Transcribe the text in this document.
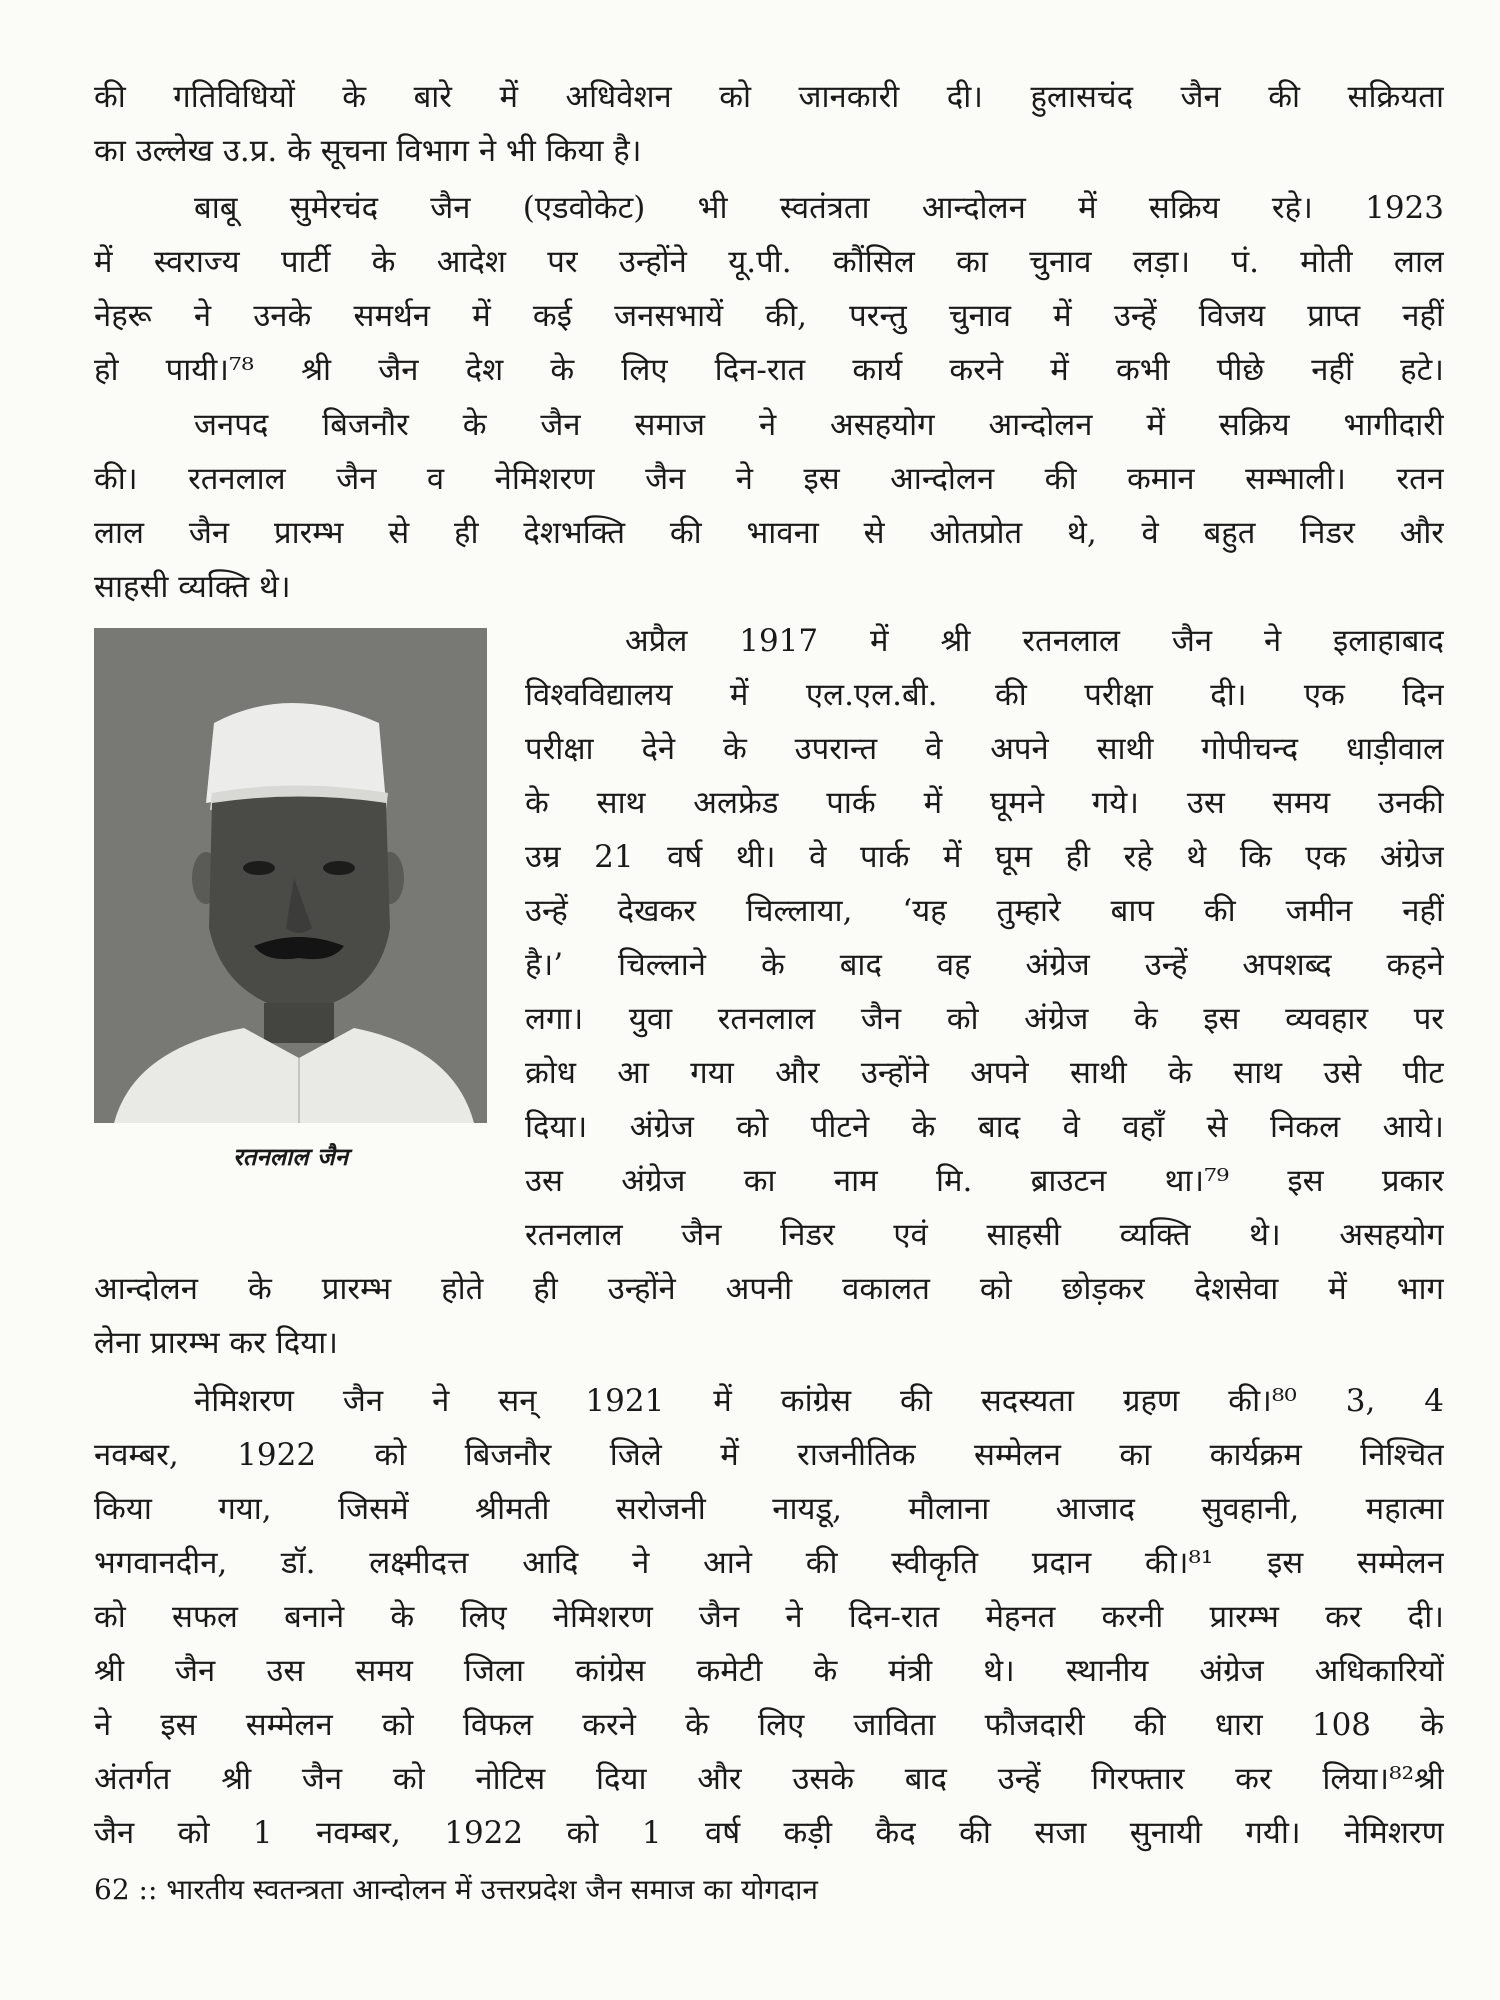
की गतिविधियों के बारे में अधिवेशन को जानकारी दी। हुलासचंद जैन की सक्रियता
का उल्लेख उ.प्र. के सूचना विभाग ने भी किया है।
बाबू सुमेरचंद जैन (एडवोकेट) भी स्वतंत्रता आन्दोलन में सक्रिय रहे। 1923
में स्वराज्य पार्टी के आदेश पर उन्होंने यू.पी. कौंसिल का चुनाव लड़ा। पं. मोती लाल
नेहरू ने उनके समर्थन में कई जनसभायें की, परन्तु चुनाव में उन्हें विजय प्राप्त नहीं
हो पायी।⁷⁸ श्री जैन देश के लिए दिन-रात कार्य करने में कभी पीछे नहीं हटे।
जनपद बिजनौर के जैन समाज ने असहयोग आन्दोलन में सक्रिय भागीदारी
की। रतनलाल जैन व नेमिशरण जैन ने इस आन्दोलन की कमान सम्भाली। रतन
लाल जैन प्रारम्भ से ही देशभक्ति की भावना से ओतप्रोत थे, वे बहुत निडर और
साहसी व्यक्ति थे।
रतनलाल जैन
अप्रैल 1917 में श्री रतनलाल जैन ने इलाहाबाद
विश्वविद्यालय में एल.एल.बी. की परीक्षा दी। एक दिन
परीक्षा देने के उपरान्त वे अपने साथी गोपीचन्द धाड़ीवाल
के साथ अलफ्रेड पार्क में घूमने गये। उस समय उनकी
उम्र 21 वर्ष थी। वे पार्क में घूम ही रहे थे कि एक अंग्रेज
उन्हें देखकर चिल्लाया, ‘यह तुम्हारे बाप की जमीन नहीं
है।’ चिल्लाने के बाद वह अंग्रेज उन्हें अपशब्द कहने
लगा। युवा रतनलाल जैन को अंग्रेज के इस व्यवहार पर
क्रोध आ गया और उन्होंने अपने साथी के साथ उसे पीट
दिया। अंग्रेज को पीटने के बाद वे वहाँ से निकल आये।
उस अंग्रेज का नाम मि. ब्राउटन था।⁷⁹ इस प्रकार
रतनलाल जैन निडर एवं साहसी व्यक्ति थे। असहयोग
आन्दोलन के प्रारम्भ होते ही उन्होंने अपनी वकालत को छोड़कर देशसेवा में भाग
लेना प्रारम्भ कर दिया।
नेमिशरण जैन ने सन् 1921 में कांग्रेस की सदस्यता ग्रहण की।⁸⁰ 3, 4
नवम्बर, 1922 को बिजनौर जिले में राजनीतिक सम्मेलन का कार्यक्रम निश्चित
किया गया, जिसमें श्रीमती सरोजनी नायडू, मौलाना आजाद सुवहानी, महात्मा
भगवानदीन, डॉ. लक्ष्मीदत्त आदि ने आने की स्वीकृति प्रदान की।⁸¹ इस सम्मेलन
को सफल बनाने के लिए नेमिशरण जैन ने दिन-रात मेहनत करनी प्रारम्भ कर दी।
श्री जैन उस समय जिला कांग्रेस कमेटी के मंत्री थे। स्थानीय अंग्रेज अधिकारियों
ने इस सम्मेलन को विफल करने के लिए जाविता फौजदारी की धारा 108 के
अंतर्गत श्री जैन को नोटिस दिया और उसके बाद उन्हें गिरफ्तार कर लिया।⁸²श्री
जैन को 1 नवम्बर, 1922 को 1 वर्ष कड़ी कैद की सजा सुनायी गयी। नेमिशरण
62 :: भारतीय स्वतन्त्रता आन्दोलन में उत्तरप्रदेश जैन समाज का योगदान
